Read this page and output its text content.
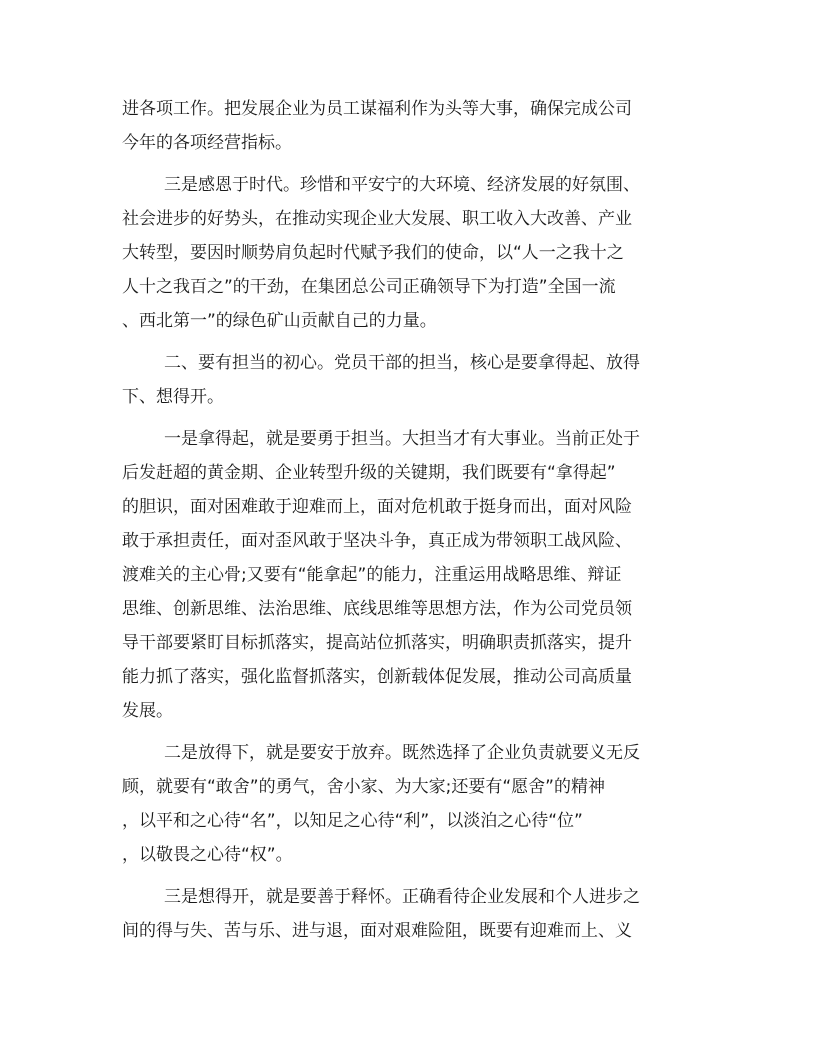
进各项工作。把发展企业为员工谋福利作为头等大事，确保完成公司
今年的各项经营指标。
三是感恩于时代。珍惜和平安宁的大环境、经济发展的好氛围、
社会进步的好势头，在推动实现企业大发展、职工收入大改善、产业
大转型，要因时顺势肩负起时代赋予我们的使命，以“人一之我十之
人十之我百之”的干劲，在集团总公司正确领导下为打造”全国一流
、西北第一”的绿色矿山贡献自己的力量。
二、要有担当的初心。党员干部的担当，核心是要拿得起、放得
下、想得开。
一是拿得起，就是要勇于担当。大担当才有大事业。当前正处于
后发赶超的黄金期、企业转型升级的关键期，我们既要有“拿得起”
的胆识，面对困难敢于迎难而上，面对危机敢于挺身而出，面对风险
敢于承担责任，面对歪风敢于坚决斗争，真正成为带领职工战风险、
渡难关的主心骨;又要有“能拿起”的能力，注重运用战略思维、辩证
思维、创新思维、法治思维、底线思维等思想方法，作为公司党员领
导干部要紧盯目标抓落实，提高站位抓落实，明确职责抓落实，提升
能力抓了落实，强化监督抓落实，创新载体促发展，推动公司高质量
发展。
二是放得下，就是要安于放弃。既然选择了企业负责就要义无反
顾，就要有“敢舍”的勇气，舍小家、为大家;还要有“愿舍”的精神
，以平和之心待“名”，以知足之心待“利”，以淡泊之心待“位”
，以敬畏之心待“权”。
三是想得开，就是要善于释怀。正确看待企业发展和个人进步之
间的得与失、苦与乐、进与退，面对艰难险阻，既要有迎难而上、义
